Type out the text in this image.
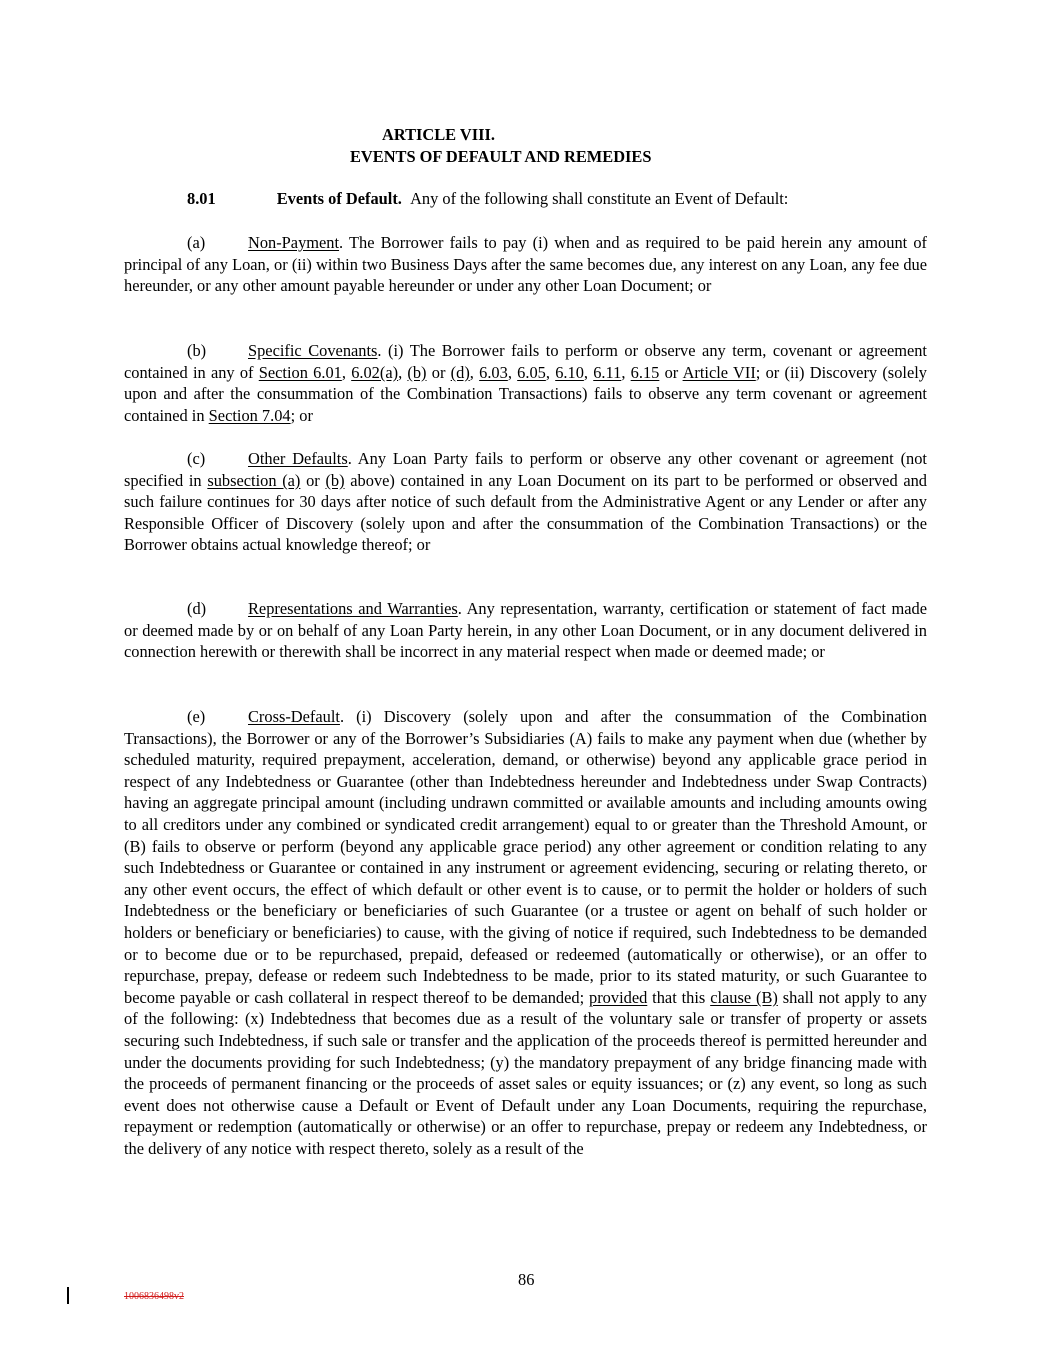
ARTICLE VIII.
EVENTS OF DEFAULT AND REMEDIES
8.01	Events of Default. Any of the following shall constitute an Event of Default:

(a)	Non-Payment. The Borrower fails to pay (i) when and as required to be paid herein any amount of principal of any Loan, or (ii) within two Business Days after the same becomes due, any interest on any Loan, any fee due hereunder, or any other amount payable hereunder or under any other Loan Document; or

(b)	Specific Covenants. (i) The Borrower fails to perform or observe any term, covenant or agreement contained in any of Section 6.01, 6.02(a), (b) or (d), 6.03, 6.05, 6.10, 6.11, 6.15 or Article VII; or (ii) Discovery (solely upon and after the consummation of the Combination Transactions) fails to observe any term covenant or agreement contained in Section 7.04; or

(c)	Other Defaults. Any Loan Party fails to perform or observe any other covenant or agreement (not specified in subsection (a) or (b) above) contained in any Loan Document on its part to be performed or observed and such failure continues for 30 days after notice of such default from the Administrative Agent or any Lender or after any Responsible Officer of Discovery (solely upon and after the consummation of the Combination Transactions) or the Borrower obtains actual knowledge thereof; or

(d)	Representations and Warranties. Any representation, warranty, certification or statement of fact made or deemed made by or on behalf of any Loan Party herein, in any other Loan Document, or in any document delivered in connection herewith or therewith shall be incorrect in any material respect when made or deemed made; or

(e)	Cross-Default. (i) Discovery (solely upon and after the consummation of the Combination Transactions), the Borrower or any of the Borrower’s Subsidiaries (A) fails to make any payment when due (whether by scheduled maturity, required prepayment, acceleration, demand, or otherwise) beyond any applicable grace period in respect of any Indebtedness or Guarantee (other than Indebtedness hereunder and Indebtedness under Swap Contracts) having an aggregate principal amount (including undrawn committed or available amounts and including amounts owing to all creditors under any combined or syndicated credit arrangement) equal to or greater than the Threshold Amount, or (B) fails to observe or perform (beyond any applicable grace period) any other agreement or condition relating to any such Indebtedness or Guarantee or contained in any instrument or agreement evidencing, securing or relating thereto, or any other event occurs, the effect of which default or other event is to cause, or to permit the holder or holders of such Indebtedness or the beneficiary or beneficiaries of such Guarantee (or a trustee or agent on behalf of such holder or holders or beneficiary or beneficiaries) to cause, with the giving of notice if required, such Indebtedness to be demanded or to become due or to be repurchased, prepaid, defeased or redeemed (automatically or otherwise), or an offer to repurchase, prepay, defease or redeem such Indebtedness to be made, prior to its stated maturity, or such Guarantee to become payable or cash collateral in respect thereof to be demanded; provided that this clause (B) shall not apply to any of the following: (x) Indebtedness that becomes due as a result of the voluntary sale or transfer of property or assets securing such Indebtedness, if such sale or transfer and the application of the proceeds thereof is permitted hereunder and under the documents providing for such Indebtedness; (y) the mandatory prepayment of any bridge financing made with the proceeds of permanent financing or the proceeds of asset sales or equity issuances; or (z) any event, so long as such event does not otherwise cause a Default or Event of Default under any Loan Documents, requiring the repurchase, repayment or redemption (automatically or otherwise) or an offer to repurchase, prepay or redeem any Indebtedness, or the delivery of any notice with respect thereto, solely as a result of the

86
1006836498v2
